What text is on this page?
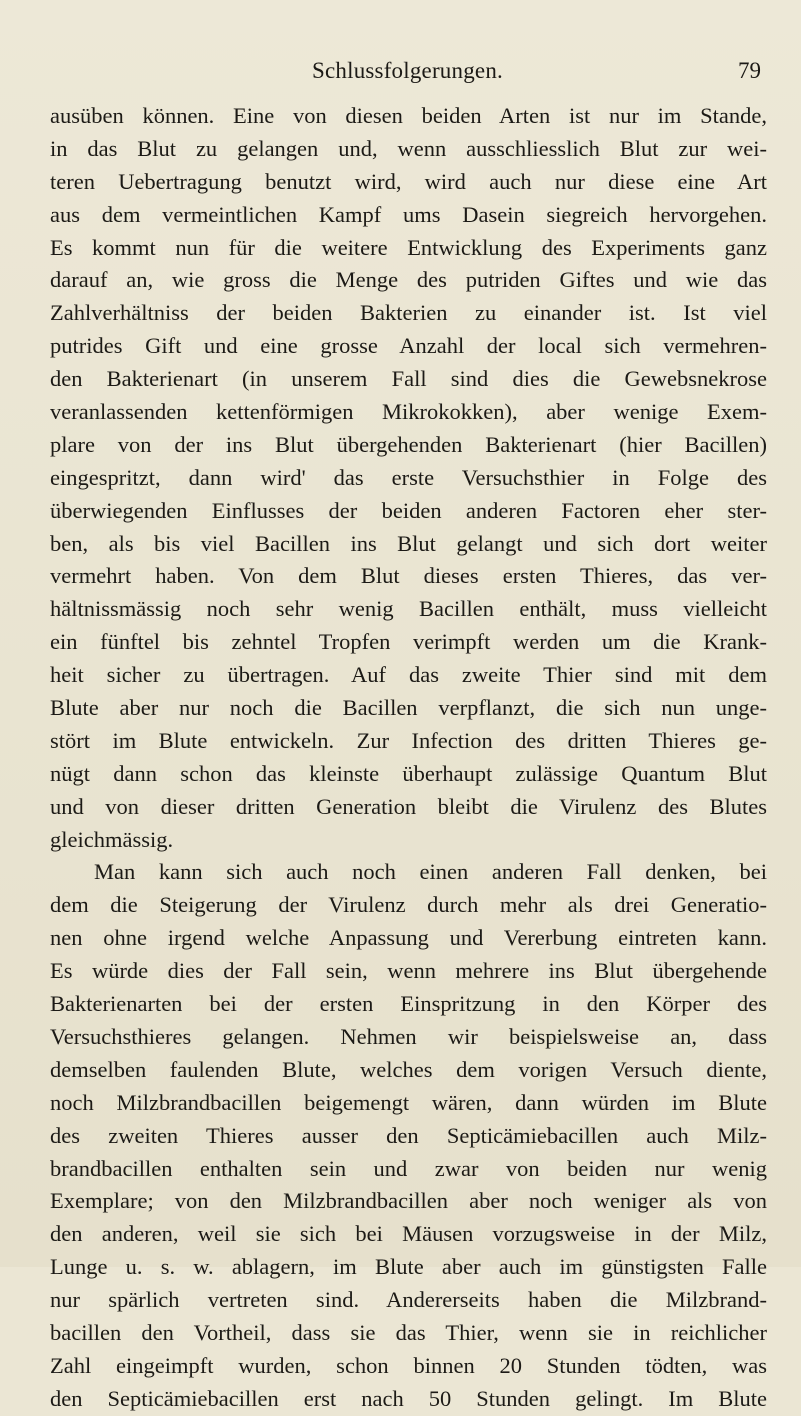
Schlussfolgerungen.	79
ausüben können. Eine von diesen beiden Arten ist nur im Stande,
in das Blut zu gelangen und, wenn ausschliesslich Blut zur wei-
teren Uebertragung benutzt wird, wird auch nur diese eine Art
aus dem vermeintlichen Kampf ums Dasein siegreich hervorgehen.
Es kommt nun für die weitere Entwicklung des Experiments ganz
darauf an, wie gross die Menge des putriden Giftes und wie das
Zahlverhältniss der beiden Bakterien zu einander ist. Ist viel
putrides Gift und eine grosse Anzahl der local sich vermehren-
den Bakterienart (in unserem Fall sind dies die Gewebsnekrose
veranlassenden kettenförmigen Mikrokokken), aber wenige Exem-
plare von der ins Blut übergehenden Bakterienart (hier Bacillen)
eingespritzt, dann wird' das erste Versuchsthier in Folge des
überwiegenden Einflusses der beiden anderen Factoren eher ster-
ben, als bis viel Bacillen ins Blut gelangt und sich dort weiter
vermehrt haben. Von dem Blut dieses ersten Thieres, das ver-
hältnissmässig noch sehr wenig Bacillen enthält, muss vielleicht
ein fünftel bis zehntel Tropfen verimpft werden um die Krank-
heit sicher zu übertragen. Auf das zweite Thier sind mit dem
Blute aber nur noch die Bacillen verpflanzt, die sich nun unge-
stört im Blute entwickeln. Zur Infection des dritten Thieres ge-
nügt dann schon das kleinste überhaupt zulässige Quantum Blut
und von dieser dritten Generation bleibt die Virulenz des Blutes
gleichmässig.
Man kann sich auch noch einen anderen Fall denken, bei
dem die Steigerung der Virulenz durch mehr als drei Generatio-
nen ohne irgend welche Anpassung und Vererbung eintreten kann.
Es würde dies der Fall sein, wenn mehrere ins Blut übergehende
Bakterienarten bei der ersten Einspritzung in den Körper des
Versuchsthieres gelangen. Nehmen wir beispielsweise an, dass
demselben faulenden Blute, welches dem vorigen Versuch diente,
noch Milzbrandbacillen beigemengt wären, dann würden im Blute
des zweiten Thieres ausser den Septicämiebacillen auch Milz-
brandbacillen enthalten sein und zwar von beiden nur wenig
Exemplare; von den Milzbrandbacillen aber noch weniger als von
den anderen, weil sie sich bei Mäusen vorzugsweise in der Milz,
Lunge u. s. w. ablagern, im Blute aber auch im günstigsten Falle
nur spärlich vertreten sind. Andererseits haben die Milzbrand-
bacillen den Vortheil, dass sie das Thier, wenn sie in reichlicher
Zahl eingeimpft wurden, schon binnen 20 Stunden tödten, was
den Septicämiebacillen erst nach 50 Stunden gelingt. Im Blute
